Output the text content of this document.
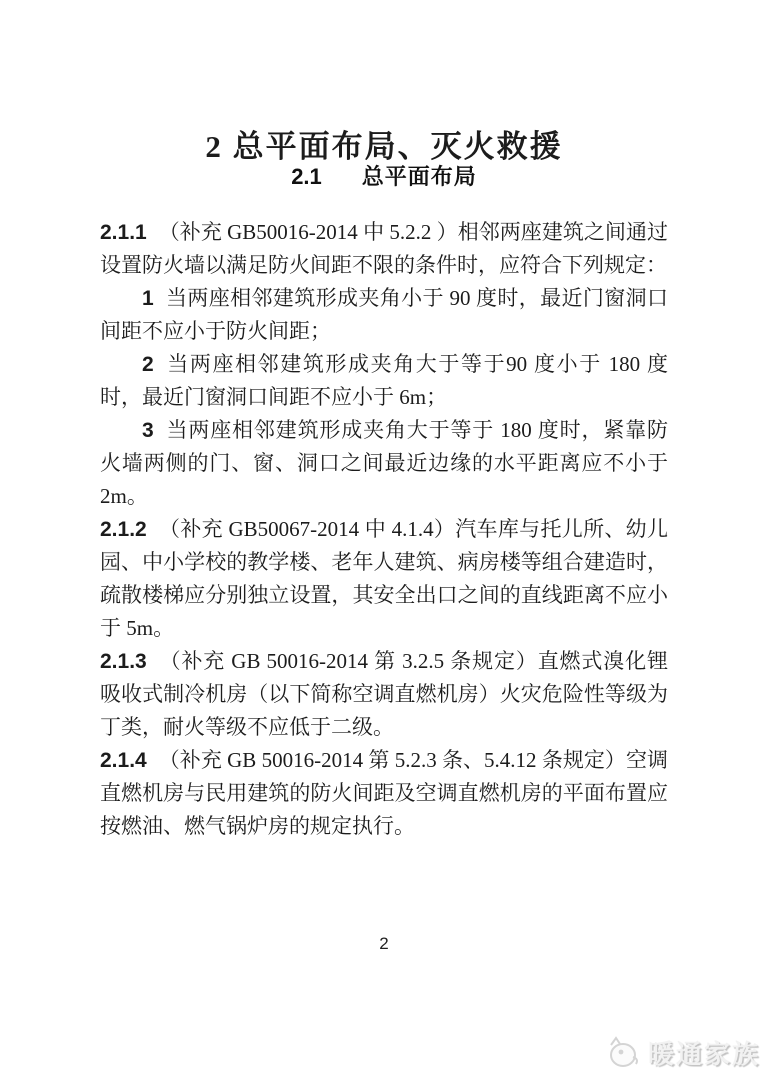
2 总平面布局、灭火救援
2.1 总平面布局

2.1.1 （补充 GB50016-2014 中 5.2.2 ）相邻两座建筑之间通过设置防火墙以满足防火间距不限的条件时，应符合下列规定：

1 当两座相邻建筑形成夹角小于 90 度时，最近门窗洞口间距不应小于防火间距；

2 当两座相邻建筑形成夹角大于等于90 度小于 180 度时，最近门窗洞口间距不应小于 6m；

3 当两座相邻建筑形成夹角大于等于 180 度时，紧靠防火墙两侧的门、窗、洞口之间最近边缘的水平距离应不小于 2m。

2.1.2 （补充 GB50067-2014 中 4.1.4）汽车库与托儿所、幼儿园、中小学校的教学楼、老年人建筑、病房楼等组合建造时，疏散楼梯应分别独立设置，其安全出口之间的直线距离不应小于 5m。

2.1.3 （补充 GB 50016-2014 第 3.2.5 条规定）直燃式溴化锂吸收式制冷机房（以下简称空调直燃机房）火灾危险性等级为丁类，耐火等级不应低于二级。

2.1.4 （补充 GB 50016-2014 第 5.2.3 条、5.4.12 条规定）空调直燃机房与民用建筑的防火间距及空调直燃机房的平面布置应按燃油、燃气锅炉房的规定执行。

2
暖通家族
